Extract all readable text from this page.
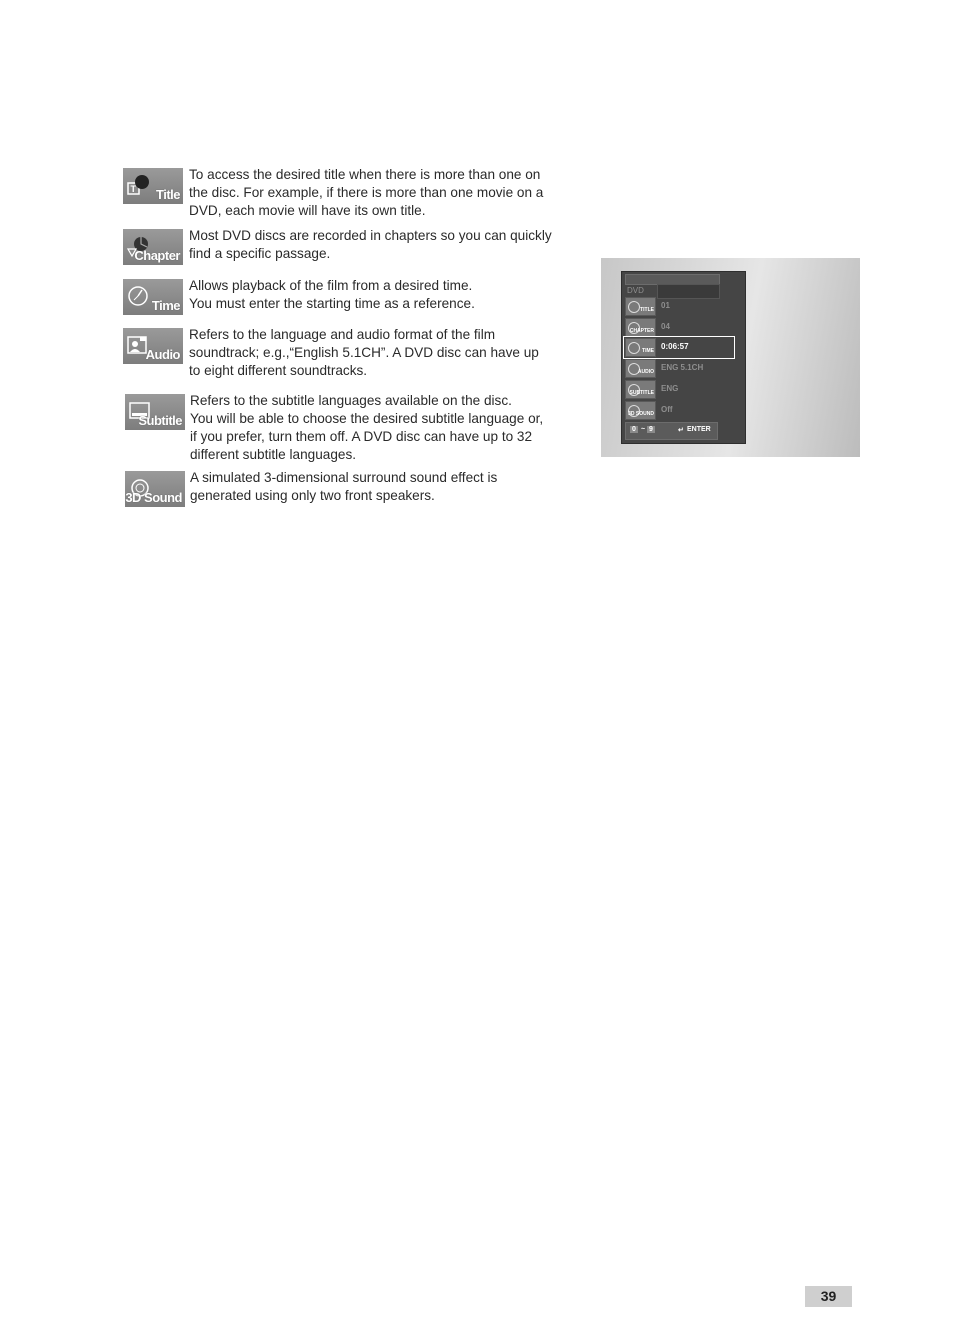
T Title
To access the desired title when there is more than one on
the disc. For example, if there is more than one movie on a
DVD, each movie will have its own title.
Chapter
Most DVD discs are recorded in chapters so you can quickly
find a specific passage.
Time
Allows playback of the film from a desired time.
You must enter the starting time as a reference.
Audio
Refers to the language and audio format of the film
soundtrack; e.g.,“English 5.1CH”. A DVD disc can have up
to eight different soundtracks.
Subtitle
Refers to the subtitle languages available on the disc.
You will be able to choose the desired subtitle language or,
if you prefer, turn them off. A DVD disc can have up to 32
different subtitle languages.
3D Sound
A simulated 3-dimensional surround sound effect is
generated using only two front speakers.
DVD
TITLE 01
CHAPTER 04
TIME 0:06:57
AUDIO ENG 5.1CH
SUBTITLE ENG
3D SOUND Off
0 ~ 9	↵ ENTER
39
